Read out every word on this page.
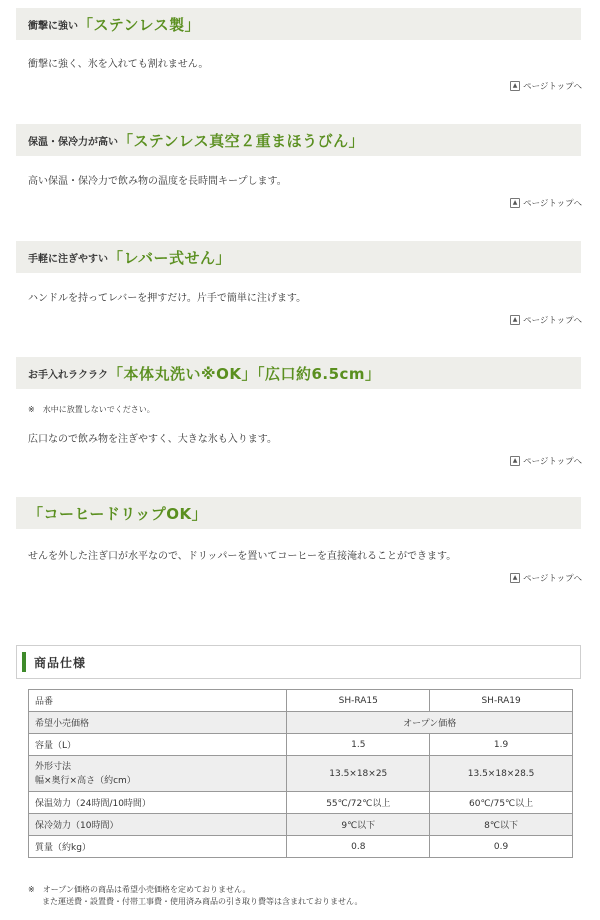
衝撃に強い 「ステンレス製」
衝撃に強く、氷を入れても割れません。
▲ ページトップへ
保温・保冷力が高い 「ステンレス真空２重まほうびん」
高い保温・保冷力で飲み物の温度を長時間キープします。
▲ ページトップへ
手軽に注ぎやすい 「レバー式せん」
ハンドルを持ってレバーを押すだけ。片手で簡単に注げます。
▲ ページトップへ
お手入れラクラク 「本体丸洗い※OK」「広口約6.5cm」
※　水中に放置しないでください。
広口なので飲み物を注ぎやすく、大きな氷も入ります。
▲ ページトップへ
「コーヒードリップOK」
せんを外した注ぎ口が水平なので、ドリッパーを置いてコーヒーを直接淹れることができます。
▲ ページトップへ
商品仕様
品番	SH-RA15	SH-RA19
希望小売価格	オープン価格	
容量（L）	1.5	1.9

外形寸法
幅×奥行×高さ（約cm）	13.5×18×25	13.5×18×28.5
保温効力（24時間/10時間）	55℃/72℃以上	60℃/75℃以上
保冷効力（10時間）	9℃以下	8℃以下
質量（約kg）	0.8	0.9
※　オープン価格の商品は希望小売価格を定めておりません。
また運送費・設置費・付帯工事費・使用済み商品の引き取り費等は含まれておりません。
